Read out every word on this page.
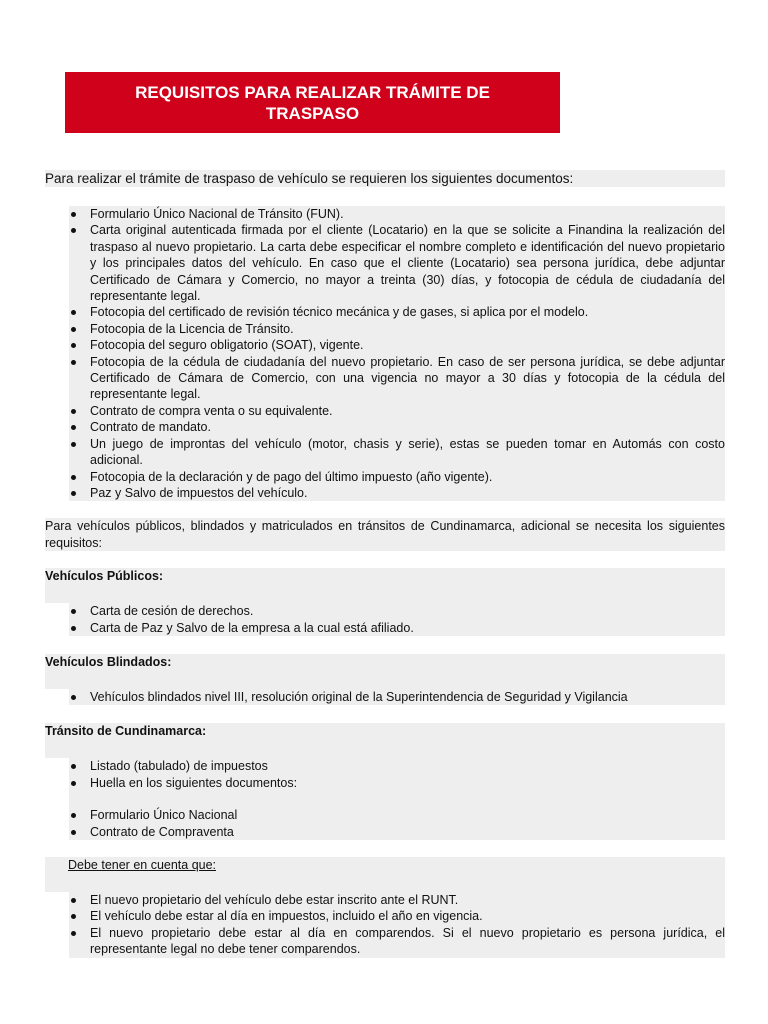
REQUISITOS PARA REALIZAR TRÁMITE DE TRASPASO
Para realizar el trámite de traspaso de vehículo se requieren los siguientes documentos:
Formulario Único Nacional de Tránsito (FUN).
Carta original autenticada firmada por el cliente (Locatario) en la que se solicite a Finandina la realización del traspaso al nuevo propietario. La carta debe especificar el nombre completo e identificación del nuevo propietario y los principales datos del vehículo. En caso que el cliente (Locatario) sea persona jurídica, debe adjuntar Certificado de Cámara y Comercio, no mayor a treinta (30) días, y fotocopia de cédula de ciudadanía del representante legal.
Fotocopia del certificado de revisión técnico mecánica y de gases, si aplica por el modelo.
Fotocopia de la Licencia de Tránsito.
Fotocopia del seguro obligatorio (SOAT), vigente.
Fotocopia de la cédula de ciudadanía del nuevo propietario. En caso de ser persona jurídica, se debe adjuntar Certificado de Cámara de Comercio, con una vigencia no mayor a 30 días y fotocopia de la cédula del representante legal.
Contrato de compra venta o su equivalente.
Contrato de mandato.
Un juego de improntas del vehículo (motor, chasis y serie), estas se pueden tomar en Automás con costo adicional.
Fotocopia de la declaración y de pago del último impuesto (año vigente).
Paz y Salvo de impuestos del vehículo.
Para vehículos públicos, blindados y matriculados en tránsitos de Cundinamarca, adicional se necesita los siguientes requisitos:
Vehículos Públicos:
Carta de cesión de derechos.
Carta de Paz y Salvo de la empresa a la cual está afiliado.
Vehículos Blindados:
Vehículos blindados nivel III, resolución original de la Superintendencia de Seguridad y Vigilancia
Tránsito de Cundinamarca:
Listado (tabulado) de impuestos
Huella en los siguientes documentos:
Formulario Único Nacional
Contrato de Compraventa
Debe tener en cuenta que:
El nuevo propietario del vehículo debe estar inscrito ante el RUNT.
El vehículo debe estar al día en impuestos, incluido el año en vigencia.
El nuevo propietario debe estar al día en comparendos. Si el nuevo propietario es persona jurídica, el representante legal no debe tener comparendos.
